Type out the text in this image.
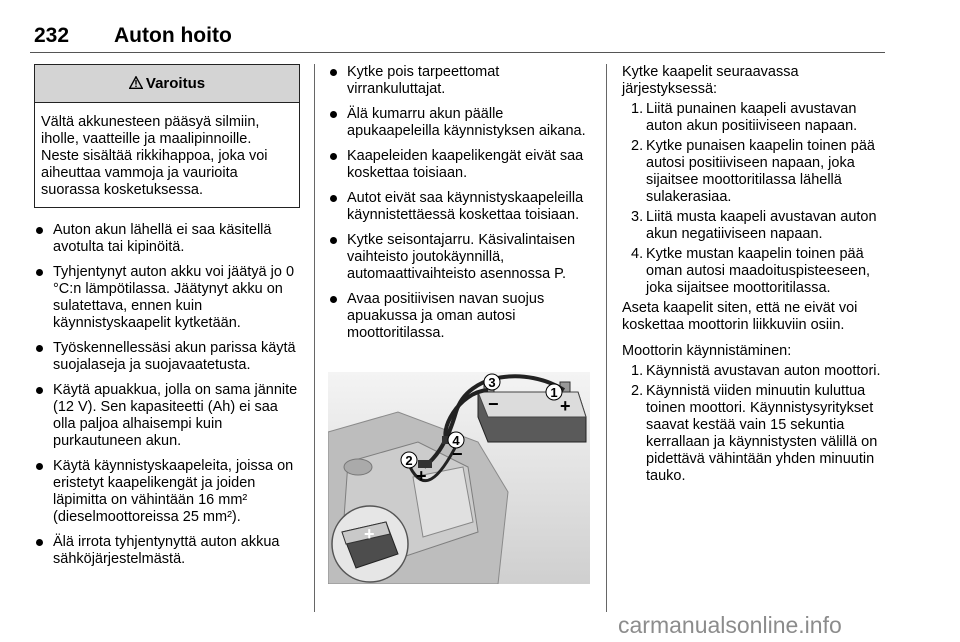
232 Auton hoito
Varoitus
Vältä akkunesteen pääsyä silmiin, iholle, vaatteille ja maalipinnoille. Neste sisältää rikkihappoa, joka voi aiheuttaa vammoja ja vaurioita suorassa kosketuksessa.
Auton akun lähellä ei saa käsitellä avotulta tai kipinöitä.
Tyhjentynyt auton akku voi jäätyä jo 0 °C:n lämpötilassa. Jäätynyt akku on sulatettava, ennen kuin käynnistyskaapelit kytketään.
Työskennellessäsi akun parissa käytä suojalaseja ja suojavaatetusta.
Käytä apuakkua, jolla on sama jännite (12 V). Sen kapasiteetti (Ah) ei saa olla paljoa alhaisempi kuin purkautuneen akun.
Käytä käynnistyskaapeleita, joissa on eristetyt kaapelikengät ja joiden läpimitta on vähintään 16 mm² (dieselmoottoreissa 25 mm²).
Älä irrota tyhjentynyttä auton akkua sähköjärjestelmästä.
Kytke pois tarpeettomat virrankuluttajat.
Älä kumarru akun päälle apukaapeleilla käynnistyksen aikana.
Kaapeleiden kaapelikengät eivät saa koskettaa toisiaan.
Autot eivät saa käynnistyskaapeleilla käynnistettäessä koskettaa toisiaan.
Kytke seisontajarru. Käsivalintaisen vaihteisto joutokäynnillä, automaattivaihteisto asennossa P.
Avaa positiivisen navan suojus apuakussa ja oman autosi moottoritilassa.
1
2
3
4
+
−
+
−
+

Kytke kaapelit seuraavassa järjestyksessä:

1. Liitä punainen kaapeli avustavan auton akun positiiviseen napaan.
2. Kytke punaisen kaapelin toinen pää autosi positiiviseen napaan, joka sijaitsee moottoritilassa lähellä sulakerasiaa.
3. Liitä musta kaapeli avustavan auton akun negatiiviseen napaan.
4. Kytke mustan kaapelin toinen pää oman autosi maadoituspisteeseen, joka sijaitsee moottoritilassa.

Aseta kaapelit siten, että ne eivät voi koskettaa moottorin liikkuviin osiin.

Moottorin käynnistäminen:

1. Käynnistä avustavan auton moottori.
2. Käynnistä viiden minuutin kuluttua toinen moottori. Käynnistysyritykset saavat kestää vain 15 sekuntia kerrallaan ja käynnistysten välillä on pidettävä vähintään yhden minuutin tauko.
carmanualsonline.info
